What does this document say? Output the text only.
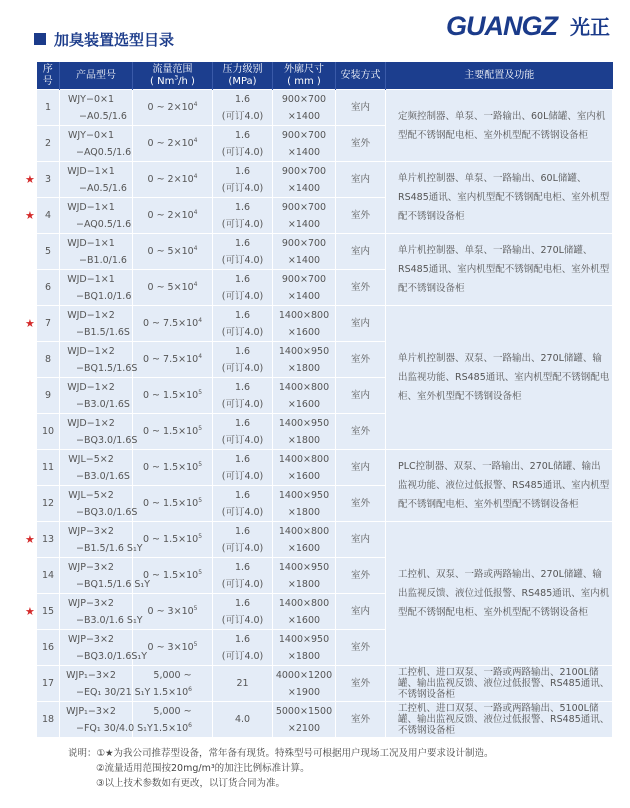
加臭装置选型目录	GUANGZ 光正
序号	产品型号	流量范围
( Nm$^3$/h )	压力级别
(MPa)	外廓尺寸
( mm )	安装方式	主要配置及功能
1	WJY−0×1
−A0.5/1.6	0 ~ $2\times 10^4$	1.6
(可订4.0)	900×700
×1400	室内	定频控制器、单泵、一路输出、60L储罐、室内机型配不锈钢配电柜、室外机型配不锈钢设备柜
2	WJY−0×1
−AQ0.5/1.6	0 ~ $2\times 10^4$	1.6
(可订4.0)	900×700
×1400	室外	

★ 3	WJD−1×1
−A0.5/1.6	0 ~ $2\times 10^4$	1.6
(可订4.0)	900×700
×1400	室内	单片机控制器、单泵、一路输出、60L储罐、RS485通讯、室内机型配不锈钢配电柜、室外机型配不锈钢设备柜

★ 4	WJD−1×1
−AQ0.5/1.6	0 ~ $2\times 10^4$	1.6
(可订4.0)	900×700
×1400	室外	
5	WJD−1×1
−B1.0/1.6	0 ~ $5\times 10^4$	1.6
(可订4.0)	900×700
×1400	室内	单片机控制器、单泵、一路输出、270L储罐、RS485通讯、室内机型配不锈钢配电柜、室外机型配不锈钢设备柜
6	WJD−1×1
−BQ1.0/1.6	0 ~ $5\times 10^4$	1.6
(可订4.0)	900×700
×1400	室外	

★ 7	WJD−1×2
−B1.5/1.6S	0 ~ $7.5\times 10^4$	1.6
(可订4.0)	1400×800
×1600	室内	单片机控制器、双泵、一路输出、270L储罐、输出监视功能、RS485通讯、室内机型配不锈钢配电柜、室外机型配不锈钢设备柜
8	WJD−1×2
−BQ1.5/1.6S	0 ~ $7.5\times 10^4$	1.6
(可订4.0)	1400×950
×1800	室外	
9	WJD−1×2
−B3.0/1.6S	0 ~ $1.5\times 10^5$	1.6
(可订4.0)	1400×800
×1600	室内	
10	WJD−1×2
−BQ3.0/1.6S	0 ~ $1.5\times 10^5$	1.6
(可订4.0)	1400×950
×1800	室外	
11	WJL−5×2
−B3.0/1.6S	0 ~ $1.5\times 10^5$	1.6
(可订4.0)	1400×800
×1600	室内	PLC控制器、双泵、一路输出、270L储罐、输出监视功能、液位过低报警、RS485通讯、室内机型配不锈钢配电柜、室外机型配不锈钢设备柜
12	WJL−5×2
−BQ3.0/1.6S	0 ~ $1.5\times 10^5$	1.6
(可订4.0)	1400×950
×1800	室外	

★ 13	WJP−3×2
−B1.5/1.6 S₁Y	0 ~ $1.5\times 10^5$	1.6
(可订4.0)	1400×800
×1600	室内	工控机、双泵、一路或两路输出、270L储罐、输出监视反馈、液位过低报警、RS485通讯、室内机型配不锈钢配电柜、室外机型配不锈钢设备柜
14	WJP−3×2
−BQ1.5/1.6 S₁Y	0 ~ $1.5\times 10^5$	1.6
(可订4.0)	1400×950
×1800	室外	

★ 15	WJP−3×2
−B3.0/1.6 S₁Y	0 ~ $3\times 10^5$	1.6
(可订4.0)	1400×800
×1600	室内	
16	WJP−3×2
−BQ3.0/1.6S₁Y	0 ~ $3\times 10^5$	1.6
(可订4.0)	1400×950
×1800	室外	
17	WJP₁−3×2
−EQ₁ 30/21 S₁Y	5,000 ~ $1.5\times 10^6$	21	4000×1200
×1900	室外	工控机、进口双泵、一路或两路输出、2100L储罐、输出监视反馈、液位过低报警、RS485通讯、不锈钢设备柜
18	WJP₁−3×2
−FQ₁ 30/4.0 S₁Y	5,000 ~ $1.5\times 10^6$	4.0	5000×1500
×2100	室外	工控机、进口双泵、一路或两路输出、5100L储罐、输出监视反馈、液位过低报警、RS485通讯、不锈钢设备柜
说明：①★为我公司推荐型设备，常年备有现货。特殊型号可根据用户现场工况及用户要求设计制造。
②流量适用范围按20mg/m³的加注比例标准计算。
③以上技术参数如有更改，以订货合同为准。
